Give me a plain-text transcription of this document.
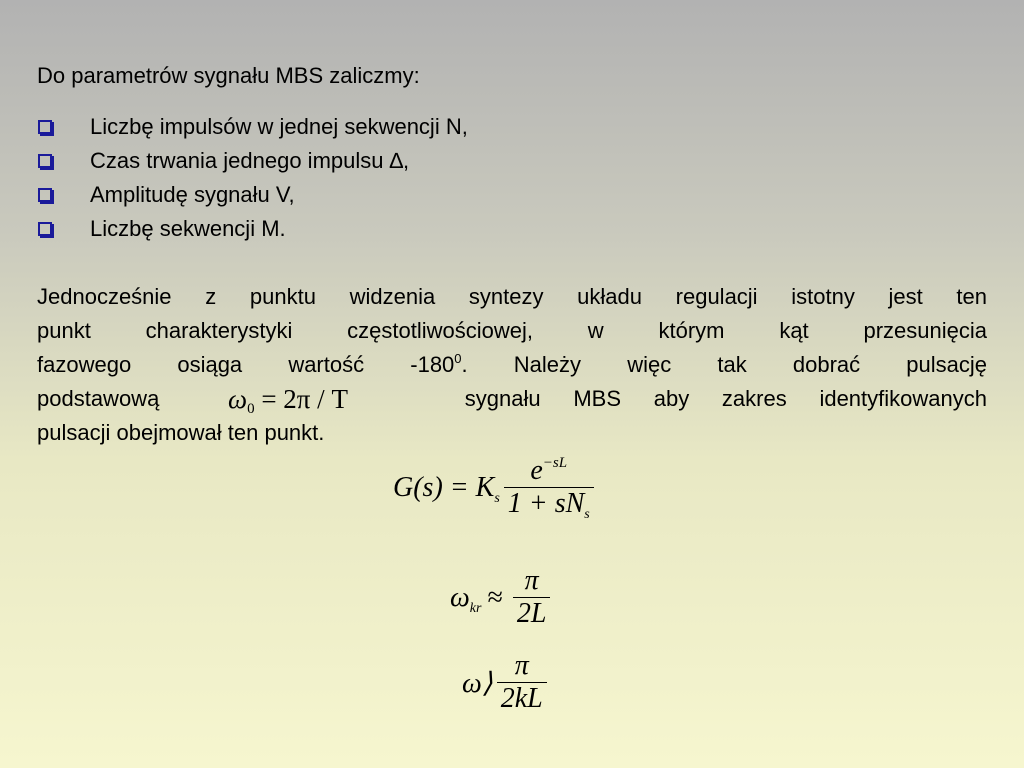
Do parametrów sygnału MBS zaliczmy:

Liczbę impulsów w jednej sekwencji N,
Czas trwania jednego impulsu ∆,
Amplitudę sygnału V,
Liczbę sekwencji M.
Jednocześnie z punktu widzenia syntezy układu regulacji istotny jest ten
punkt charakterystyki częstotliwościowej, w którym kąt przesunięcia
fazowego osiąga wartość $-180^0$. Należy więc tak dobrać pulsację
podstawową	sygnału MBS aby zakres identyfikowanych
pulsacji obejmował ten punkt.
$\omega_0 = 2\pi / T$
$G(s) = K_s \frac{e^{-sL}}{1 + sN_s}$
$\omega_{kr} \approx \frac{\pi}{2L}$
ω⟩ $\frac{\pi}{2kL}$
